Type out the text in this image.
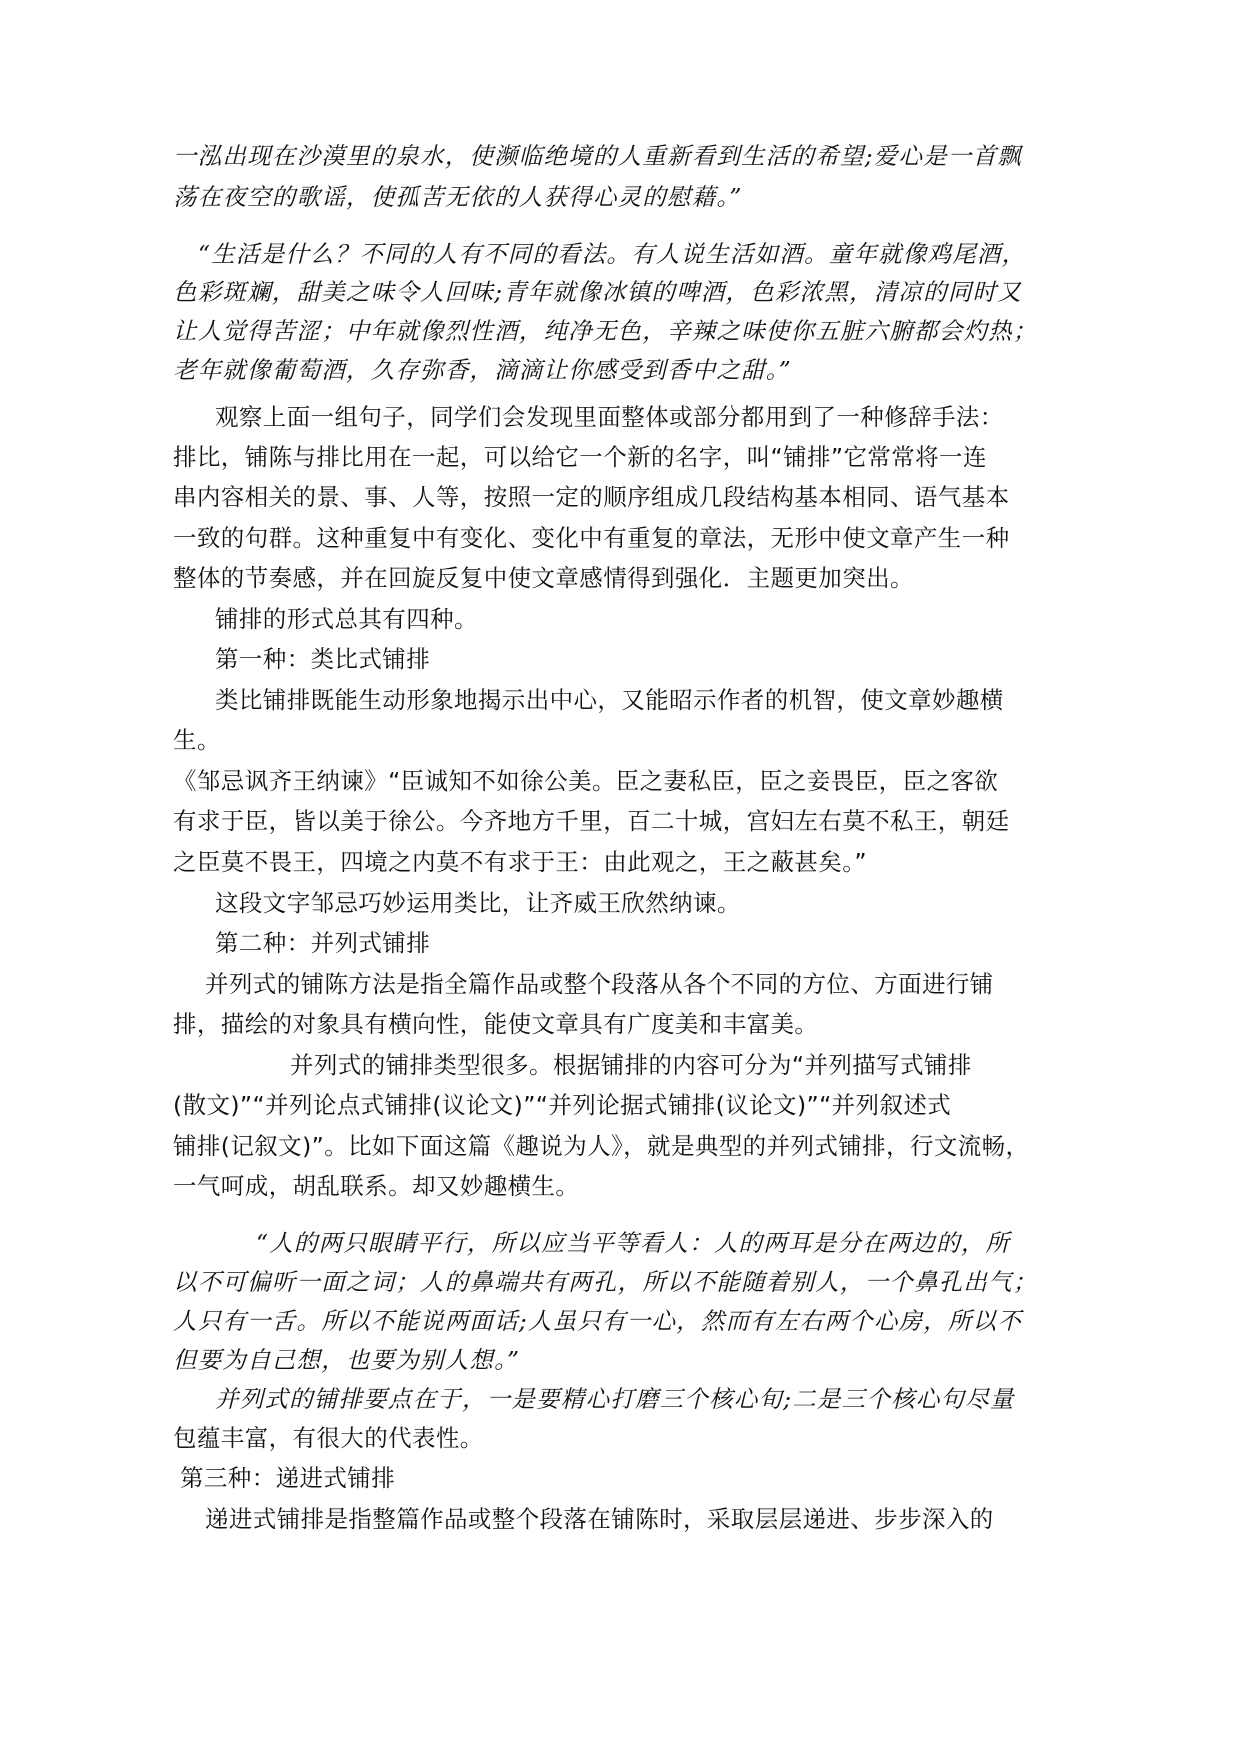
一泓出现在沙漠里的泉水，使濒临绝境的人重新看到生活的希望;爱心是一首飘
荡在夜空的歌谣，使孤苦无依的人获得心灵的慰藉。”
“生活是什么？不同的人有不同的看法。有人说生活如酒。童年就像鸡尾酒，
色彩斑斓，甜美之味令人回味;青年就像冰镇的啤酒，色彩浓黑，清凉的同时又
让人觉得苦涩；中年就像烈性酒，纯净无色，辛辣之味使你五脏六腑都会灼热；
老年就像葡萄酒，久存弥香，滴滴让你感受到香中之甜。”
观察上面一组句子，同学们会发现里面整体或部分都用到了一种修辞手法：
排比，铺陈与排比用在一起，可以给它一个新的名字，叫“铺排”它常常将一连
串内容相关的景、事、人等，按照一定的顺序组成几段结构基本相同、语气基本
一致的句群。这种重复中有变化、变化中有重复的章法，无形中使文章产生一种
整体的节奏感，并在回旋反复中使文章感情得到强化．主题更加突出。
铺排的形式总其有四种。
第一种：类比式铺排
类比铺排既能生动形象地揭示出中心，又能昭示作者的机智，使文章妙趣横
生。
《邹忌讽齐王纳谏》“臣诚知不如徐公美。臣之妻私臣，臣之妾畏臣，臣之客欲
有求于臣，皆以美于徐公。今齐地方千里，百二十城，宫妇左右莫不私王，朝廷
之臣莫不畏王，四境之内莫不有求于王：由此观之，王之蔽甚矣。”
这段文字邹忌巧妙运用类比，让齐威王欣然纳谏。
第二种：并列式铺排
并列式的铺陈方法是指全篇作品或整个段落从各个不同的方位、方面进行铺
排，描绘的对象具有横向性，能使文章具有广度美和丰富美。
并列式的铺排类型很多。根据铺排的内容可分为“并列描写式铺排
(散文)”“并列论点式铺排(议论文)”“并列论据式铺排(议论文)”“并列叙述式
铺排(记叙文)”。比如下面这篇《趣说为人》，就是典型的并列式铺排，行文流畅，
一气呵成，胡乱联系。却又妙趣横生。
“人的两只眼睛平行，所以应当平等看人：人的两耳是分在两边的，所
以不可偏听一面之词；人的鼻端共有两孔，所以不能随着别人，一个鼻孔出气；
人只有一舌。所以不能说两面话;人虽只有一心，然而有左右两个心房，所以不
但要为自己想，也要为别人想。”
并列式的铺排要点在于，一是要精心打磨三个核心旬;二是三个核心句尽量
包蕴丰富，有很大的代表性。
第三种：递进式铺排
递进式铺排是指整篇作品或整个段落在铺陈时，采取层层递进、步步深入的
